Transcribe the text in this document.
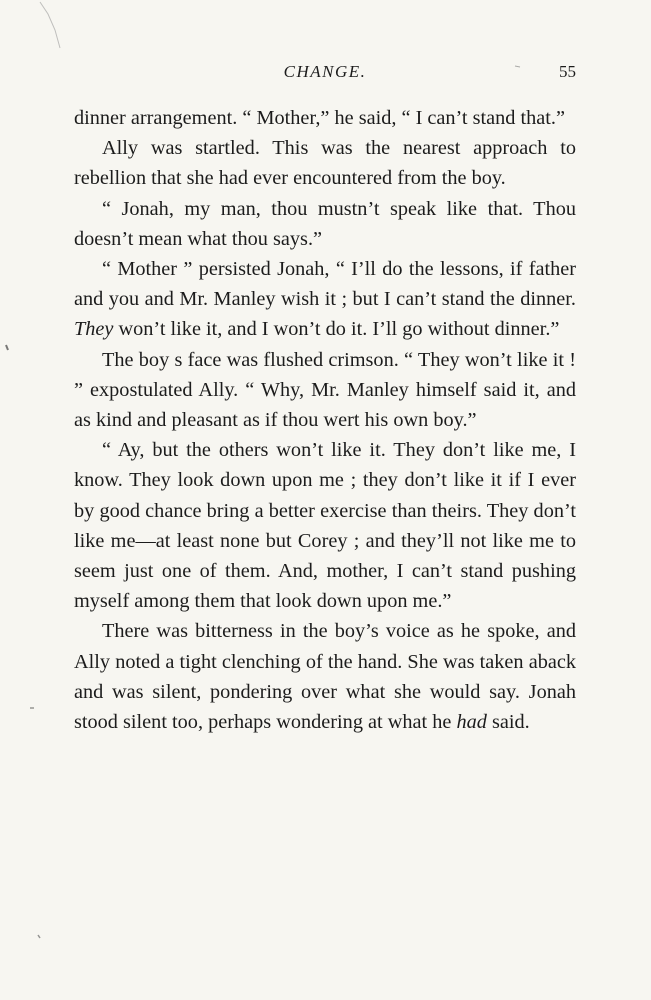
CHANGE.	55

dinner arrangement. “ Mother,” he said, “ I can’t stand that.”

Ally was startled. This was the nearest approach to rebellion that she had ever encountered from the boy.

“ Jonah, my man, thou mustn’t speak like that. Thou doesn’t mean what thou says.”

“ Mother ” persisted Jonah, “ I’ll do the lessons, if father and you and Mr. Manley wish it ; but I can’t stand the dinner. They won’t like it, and I won’t do it. I’ll go without dinner.”

The boy s face was flushed crimson. “ They won’t like it ! ” expostulated Ally. “ Why, Mr. Manley himself said it, and as kind and pleasant as if thou wert his own boy.”

“ Ay, but the others won’t like it. They don’t like me, I know. They look down upon me ; they don’t like it if I ever by good chance bring a better exercise than theirs. They don’t like me—at least none but Corey ; and they’ll not like me to seem just one of them. And, mother, I can’t stand pushing myself among them that look down upon me.”

There was bitterness in the boy’s voice as he spoke, and Ally noted a tight clenching of the hand. She was taken aback and was silent, pondering over what she would say. Jonah stood silent too, perhaps wondering at what he had said.
